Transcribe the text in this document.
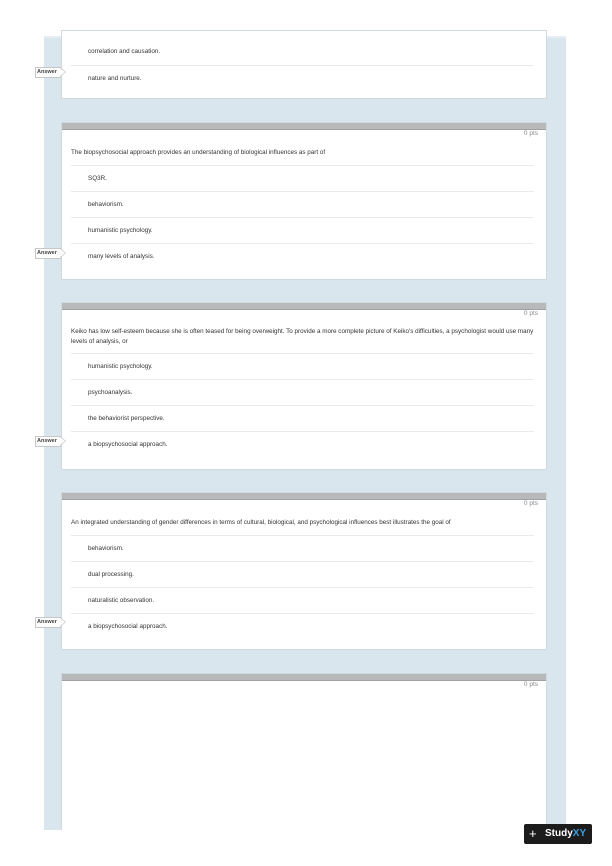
correlation and causation.
nature and nurture.
0 pts
The biopsychosocial approach provides an understanding of biological influences as part of
SQ3R.
behaviorism.
humanistic psychology.
many levels of analysis.
0 pts
Keiko has low self-esteem because she is often teased for being overweight. To provide a more complete picture of Keiko's difficulties, a psychologist would use many levels of analysis, or
humanistic psychology.
psychoanalysis.
the behaviorist perspective.
a biopsychosocial approach.
0 pts
An integrated understanding of gender differences in terms of cultural, biological, and psychological influences best illustrates the goal of
behaviorism.
dual processing.
naturalistic observation.
a biopsychosocial approach.
0 pts
Answer
Answer
Answer
Answer
+ StudyXY
